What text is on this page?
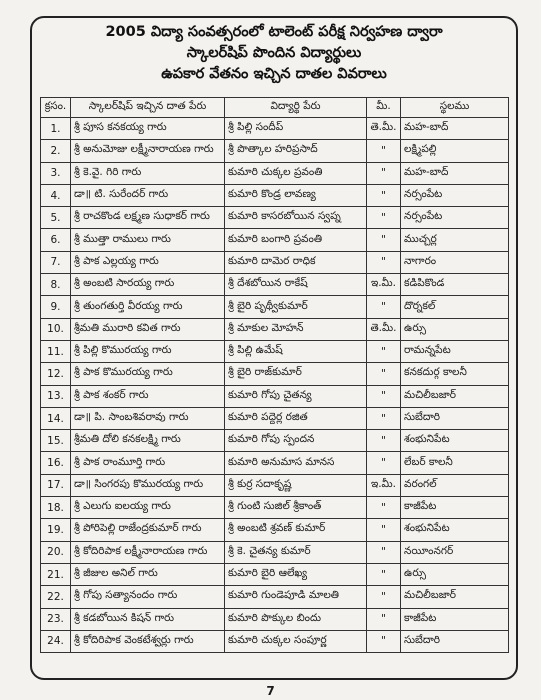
2005 విద్యా సంవత్సరంలో టాలెంట్ పరీక్ష నిర్వహణ ద్వారా
స్కాలర్‌షిప్ పొందిన విద్యార్థులు
ఉపకార వేతనం ఇచ్చిన దాతల వివరాలు
క్రసం.	స్కాలర్‌షిప్ ఇచ్చిన దాత పేరు	విద్యార్థి పేరు	మీ.	స్థలము
1.	శ్రీ పూస కనకయ్య గారు	శ్రీ పిల్లి సందీప్	తె.మీ.	మహ-బాద్
2.	శ్రీ అనుమోజు లక్ష్మీనారాయణ గారు	శ్రీ పొత్కాల హరిప్రసాద్	"	లక్ష్మిపల్లి
3.	శ్రీ కె.వై. గిరి గారు	కుమారి చుక్కల ప్రవంతి	"	మహ-బాద్
4.	డా॥ టి. సురేందర్ గారు	కుమారి కొండ్ర లావణ్య	"	నర్సంపేట
5.	శ్రీ రాచకొండ లక్ష్మణ సుధాకర్ గారు	కుమారి కాసరబోయిన స్వప్న	"	నర్సంపేట
6.	శ్రీ ముత్తా రాములు గారు	కుమారి బంగారి ప్రవంతి	"	ముచ్చర్ల
7.	శ్రీ పాక ఎల్లయ్య గారు	కుమారి దామెర రాధిక	"	నాగారం
8.	శ్రీ అంబటి సారయ్య గారు	శ్రీ దేశబోయిన రాకేష్	ఇ.మీ.	కడిపికొండ
9.	శ్రీ తుంగతుర్తి వీరయ్య గారు	శ్రీ బైరి పృథ్వీకుమార్	"	దొర్నకల్
10.	శ్రీమతి మురారి కవిత గారు	శ్రీ మాకుల మోహన్	తె.మీ.	ఉర్సు
11.	శ్రీ పిల్లి కొమురయ్య గారు	శ్రీ పిల్లి ఉమేష్	"	రామన్నపేట
12.	శ్రీ పాక కొమురయ్య గారు	శ్రీ బైరి రాజ్‌కుమార్	"	కనకదుర్గ కాలనీ
13.	శ్రీ పాక శంకర్ గారు	కుమారి గోపు చైతన్య	"	మచిలీబజార్
14.	డా॥ పి. సాంబశివరావు గారు	కుమారి పద్దెర్ల రజిత	"	సుబేదారి
15.	శ్రీమతి దోలి కనకలక్ష్మి గారు	కుమారి గోపు స్పందన	"	శంభునిపేట
16.	శ్రీ పాక రాంమూర్తి గారు	కుమారి అనుమాస మానస	"	లేబర్ కాలనీ
17.	డా॥ సింగరపు కొమురయ్య గారు	శ్రీ కుర్ర సదాకృష్ణ	ఇ.మీ.	వరంగల్
18.	శ్రీ ఎలుగు ఐలయ్య గారు	శ్రీ గుంటి సుజిల్ శ్రీకాంత్	"	కాజీపేట
19.	శ్రీ పోరిపెల్లి రాజేంద్రకుమార్ గారు	శ్రీ అంబటి శ్రవణ్ కుమార్	"	శంభునిపేట
20.	శ్రీ కోదిరిపాక లక్ష్మీనారాయణ గారు	శ్రీ కె. చైతన్య కుమార్	"	నయీంనగర్
21.	శ్రీ జీజుల అనిల్ గారు	కుమారి బైరి ఆలేఖ్య	"	ఉర్సు
22.	శ్రీ గోపు సత్యానందం గారు	కుమారి గుండెపూడి మాలతి	"	మచిలీబజార్
23.	శ్రీ కడబోయిన కిషన్ గారు	కుమారి పొక్కుల బిందు	"	కాజీపేట
24.	శ్రీ కోదిరిపాక వెంకటేశ్వర్లు గారు	కుమారి చుక్కల సంపూర్ణ	"	సుబేదారి
7
